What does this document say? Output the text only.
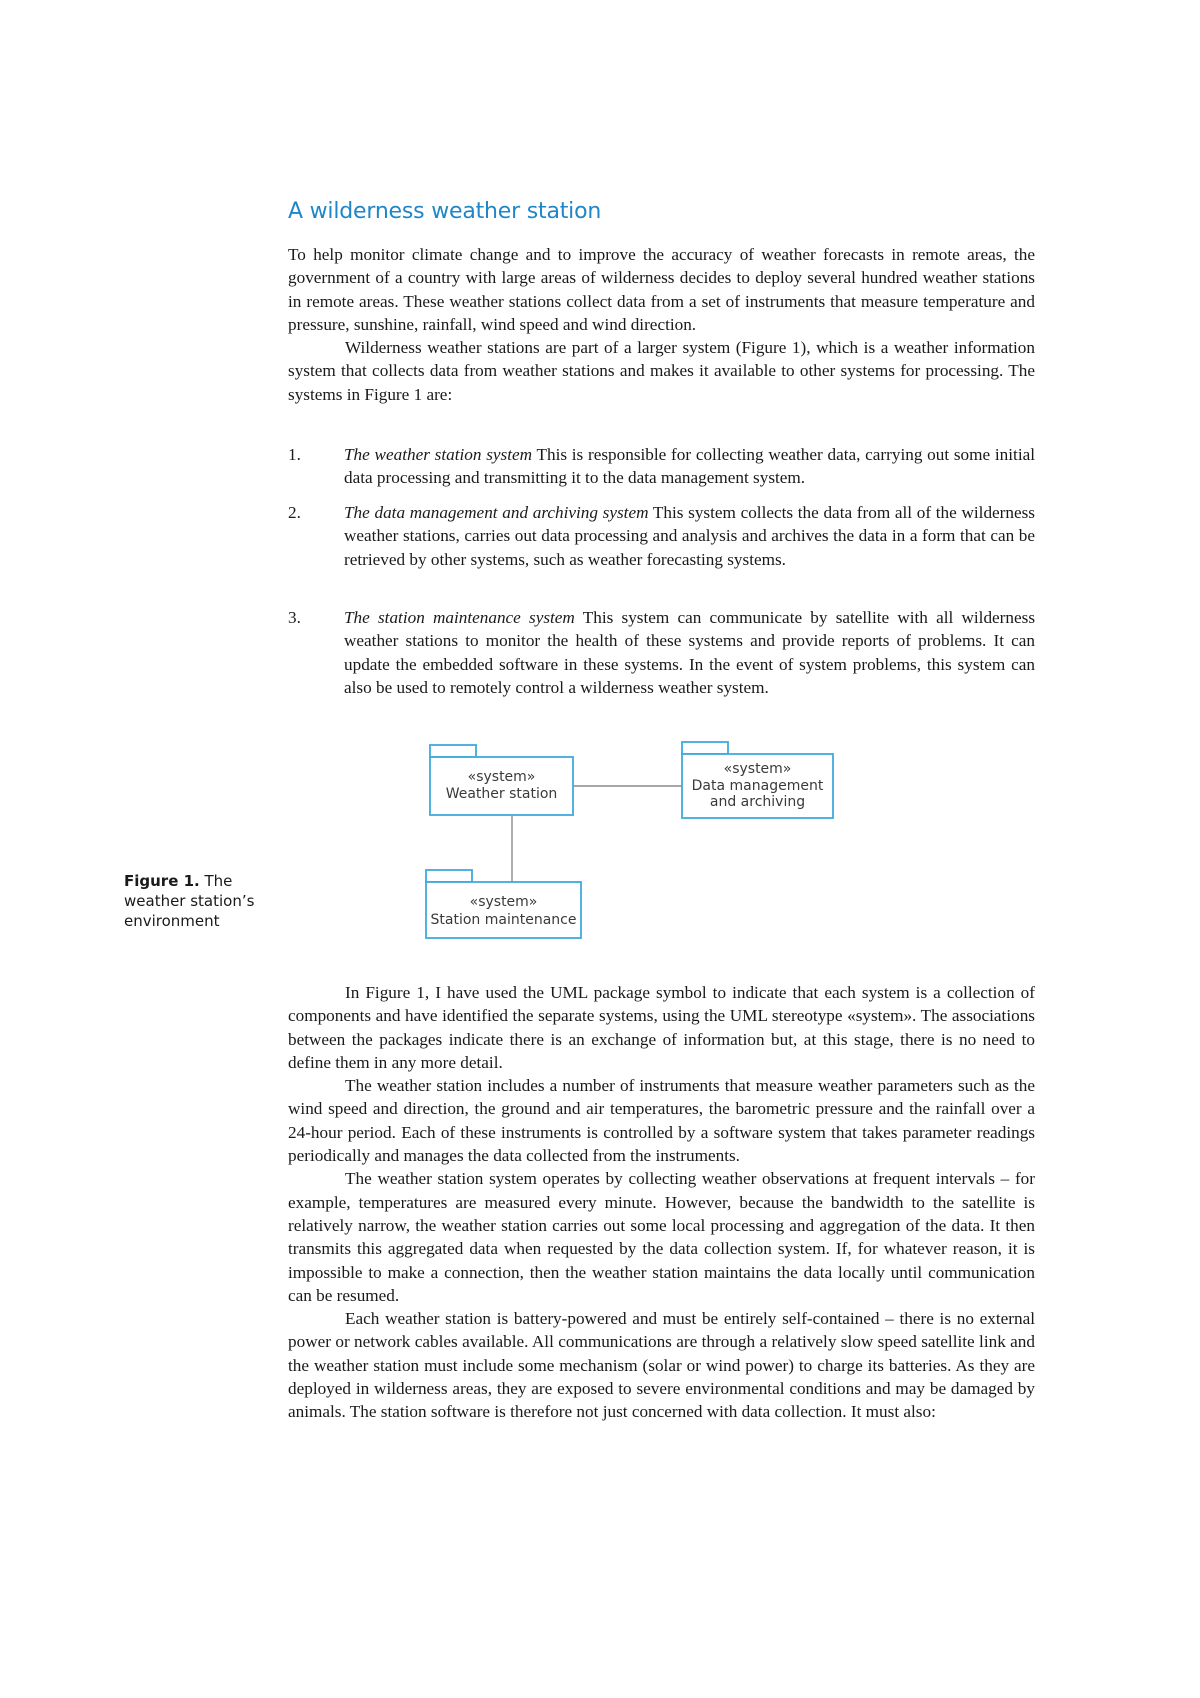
A wilderness weather station

To help monitor climate change and to improve the accuracy of weather forecasts in remote areas, the government of a country with large areas of wilderness decides to deploy several hundred weather stations in remote areas. These weather stations collect data from a set of instruments that measure temperature and pressure, sunshine, rainfall, wind speed and wind direction.

Wilderness weather stations are part of a larger system (Figure 1), which is a weather information system that collects data from weather stations and makes it available to other systems for processing. The systems in Figure 1 are:

1.	The weather station system This is responsible for collecting weather data, carrying out some initial data processing and transmitting it to the data management system.
2.	The data management and archiving system This system collects the data from all of the wilderness weather stations, carries out data processing and analysis and archives the data in a form that can be retrieved by other systems, such as weather forecasting systems.
3.	The station maintenance system This system can communicate by satellite with all wilderness weather stations to monitor the health of these systems and provide reports of problems. It can update the embedded software in these systems. In the event of system problems, this system can also be used to remotely control a wilderness weather system.
Figure 1. The weather station’s environment
«system»
Weather station
«system»
Data management
and archiving
«system»
Station maintenance

In Figure 1, I have used the UML package symbol to indicate that each system is a collection of components and have identified the separate systems, using the UML stereotype «system». The associations between the packages indicate there is an exchange of information but, at this stage, there is no need to define them in any more detail.

The weather station includes a number of instruments that measure weather parameters such as the wind speed and direction, the ground and air temperatures, the barometric pressure and the rainfall over a 24-hour period. Each of these instruments is controlled by a software system that takes parameter readings periodically and manages the data collected from the instruments.

The weather station system operates by collecting weather observations at frequent intervals – for example, temperatures are measured every minute. However, because the bandwidth to the satellite is relatively narrow, the weather station carries out some local processing and aggregation of the data. It then transmits this aggregated data when requested by the data collection system. If, for whatever reason, it is impossible to make a connection, then the weather station maintains the data locally until communication can be resumed.

Each weather station is battery-powered and must be entirely self-contained – there is no external power or network cables available. All communications are through a relatively slow speed satellite link and the weather station must include some mechanism (solar or wind power) to charge its batteries. As they are deployed in wilderness areas, they are exposed to severe environmental conditions and may be damaged by animals. The station software is therefore not just concerned with data collection. It must also:
